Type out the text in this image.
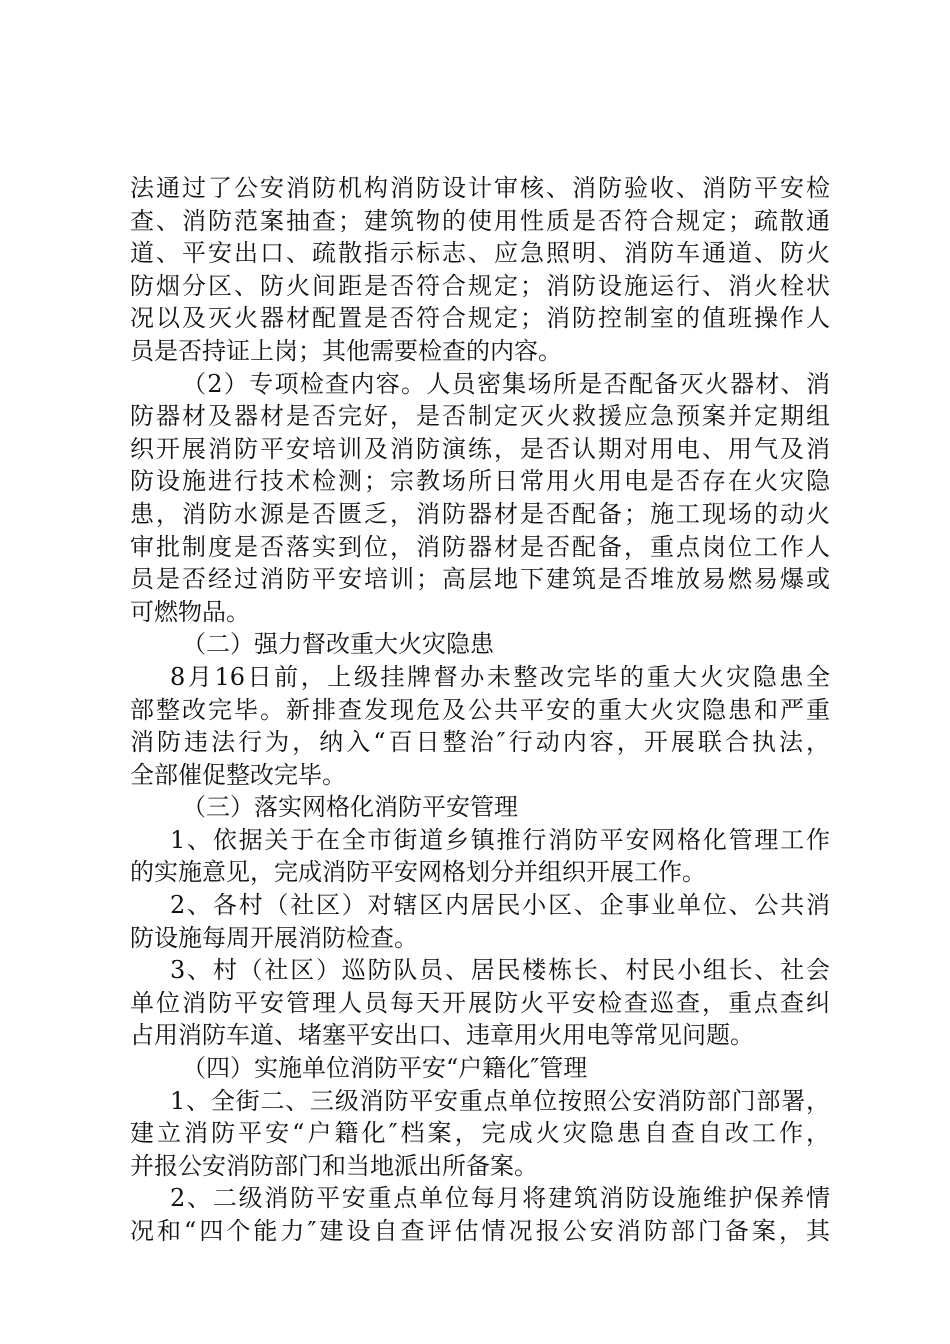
法通过了公安消防机构消防设计审核、消防验收、消防平安检
查、消防范案抽查；建筑物的使用性质是否符合规定；疏散通
道、平安出口、疏散指示标志、应急照明、消防车通道、防火
防烟分区、防火间距是否符合规定；消防设施运行、消火栓状
况以及灭火器材配置是否符合规定；消防控制室的值班操作人
员是否持证上岗；其他需要检查的内容。
（2）专项检查内容。人员密集场所是否配备灭火器材、消
防器材及器材是否完好，是否制定灭火救援应急预案并定期组
织开展消防平安培训及消防演练，是否认期对用电、用气及消
防设施进行技术检测；宗教场所日常用火用电是否存在火灾隐
患，消防水源是否匮乏，消防器材是否配备；施工现场的动火
审批制度是否落实到位，消防器材是否配备，重点岗位工作人
员是否经过消防平安培训；高层地下建筑是否堆放易燃易爆或
可燃物品。
（二）强力督改重大火灾隐患
8月16日前，上级挂牌督办未整改完毕的重大火灾隐患全
部整改完毕。新排查发现危及公共平安的重大火灾隐患和严重
消防违法行为，纳入“百日整治″行动内容，开展联合执法，
全部催促整改完毕。
（三）落实网格化消防平安管理
1、依据关于在全市街道乡镇推行消防平安网格化管理工作
的实施意见，完成消防平安网格划分并组织开展工作。
2、各村（社区）对辖区内居民小区、企事业单位、公共消
防设施每周开展消防检查。
3、村（社区）巡防队员、居民楼栋长、村民小组长、社会
单位消防平安管理人员每天开展防火平安检查巡查，重点查纠
占用消防车道、堵塞平安出口、违章用火用电等常见问题。
（四）实施单位消防平安“户籍化″管理
1、全街二、三级消防平安重点单位按照公安消防部门部署，
建立消防平安“户籍化″档案，完成火灾隐患自查自改工作，
并报公安消防部门和当地派出所备案。
2、二级消防平安重点单位每月将建筑消防设施维护保养情
况和“四个能力″建设自查评估情况报公安消防部门备案，其
